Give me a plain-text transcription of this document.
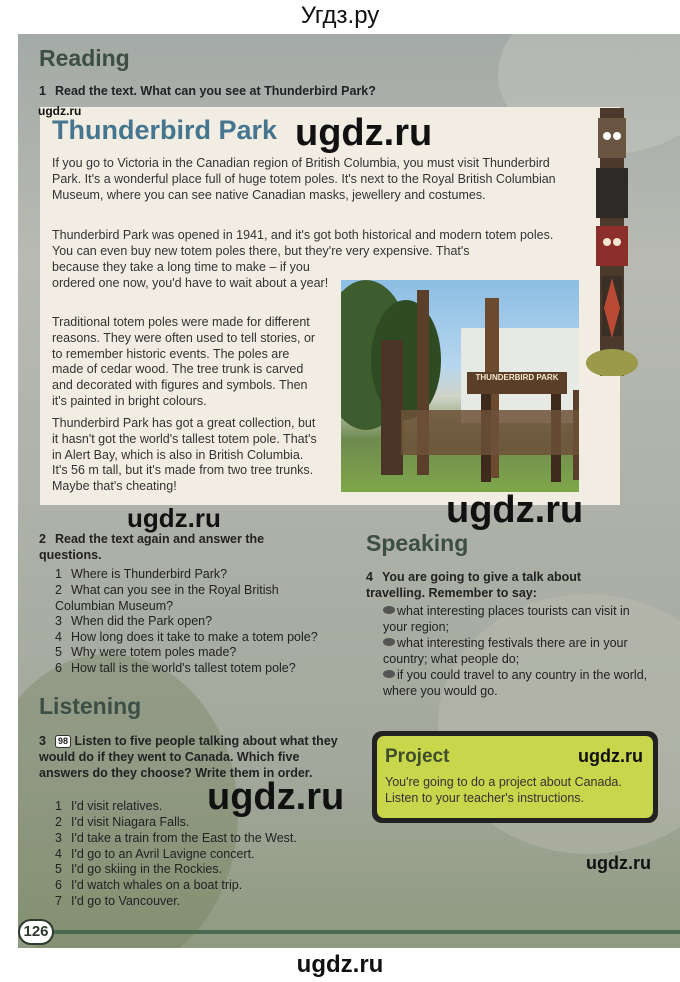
Угдз.ру
Reading
1 Read the text. What can you see at Thunderbird Park?
Thunderbird Park
If you go to Victoria in the Canadian region of British Columbia, you must visit Thunderbird Park. It's a wonderful place full of huge totem poles. It's next to the Royal British Columbian Museum, where you can see native Canadian masks, jewellery and costumes.
Thunderbird Park was opened in 1941, and it's got both historical and modern totem poles. You can even buy new totem poles there, but they're very expensive. That's
because they take a long time to make – if you ordered one now, you'd have to wait about a year!
Traditional totem poles were made for different reasons. They were often used to tell stories, or to remember historic events. The poles are made of cedar wood. The tree trunk is carved and decorated with figures and symbols. Then it's painted in bright colours.
Thunderbird Park has got a great collection, but it hasn't got the world's tallest totem pole. That's in Alert Bay, which is also in British Columbia. It's 56 m tall, but it's made from two tree trunks. Maybe that's cheating!
THUNDERBIRD PARK
2 Read the text again and answer the questions.
1 Where is Thunderbird Park?
2 What can you see in the Royal British Columbian Museum?
3 When did the Park open?
4 How long does it take to make a totem pole?
5 Why were totem poles made?
6 How tall is the world's tallest totem pole?
Listening
3 98 Listen to five people talking about what they would do if they went to Canada. Which five answers do they choose? Write them in order.
1 I'd visit relatives.
2 I'd visit Niagara Falls.
3 I'd take a train from the East to the West.
4 I'd go to an Avril Lavigne concert.
5 I'd go skiing in the Rockies.
6 I'd watch whales on a boat trip.
7 I'd go to Vancouver.
Speaking
4 You are going to give a talk about travelling. Remember to say:
what interesting places tourists can visit in your region;
what interesting festivals there are in your country; what people do;
if you could travel to any country in the world, where you would go.
Project
You're going to do a project about Canada. Listen to your teacher's instructions.
126
ugdz.ru
ugdz.ru
ugdz.ru	ugdz.ru
ugdz.ru
ugdz.ru
ugdz.ru
ugdz.ru
